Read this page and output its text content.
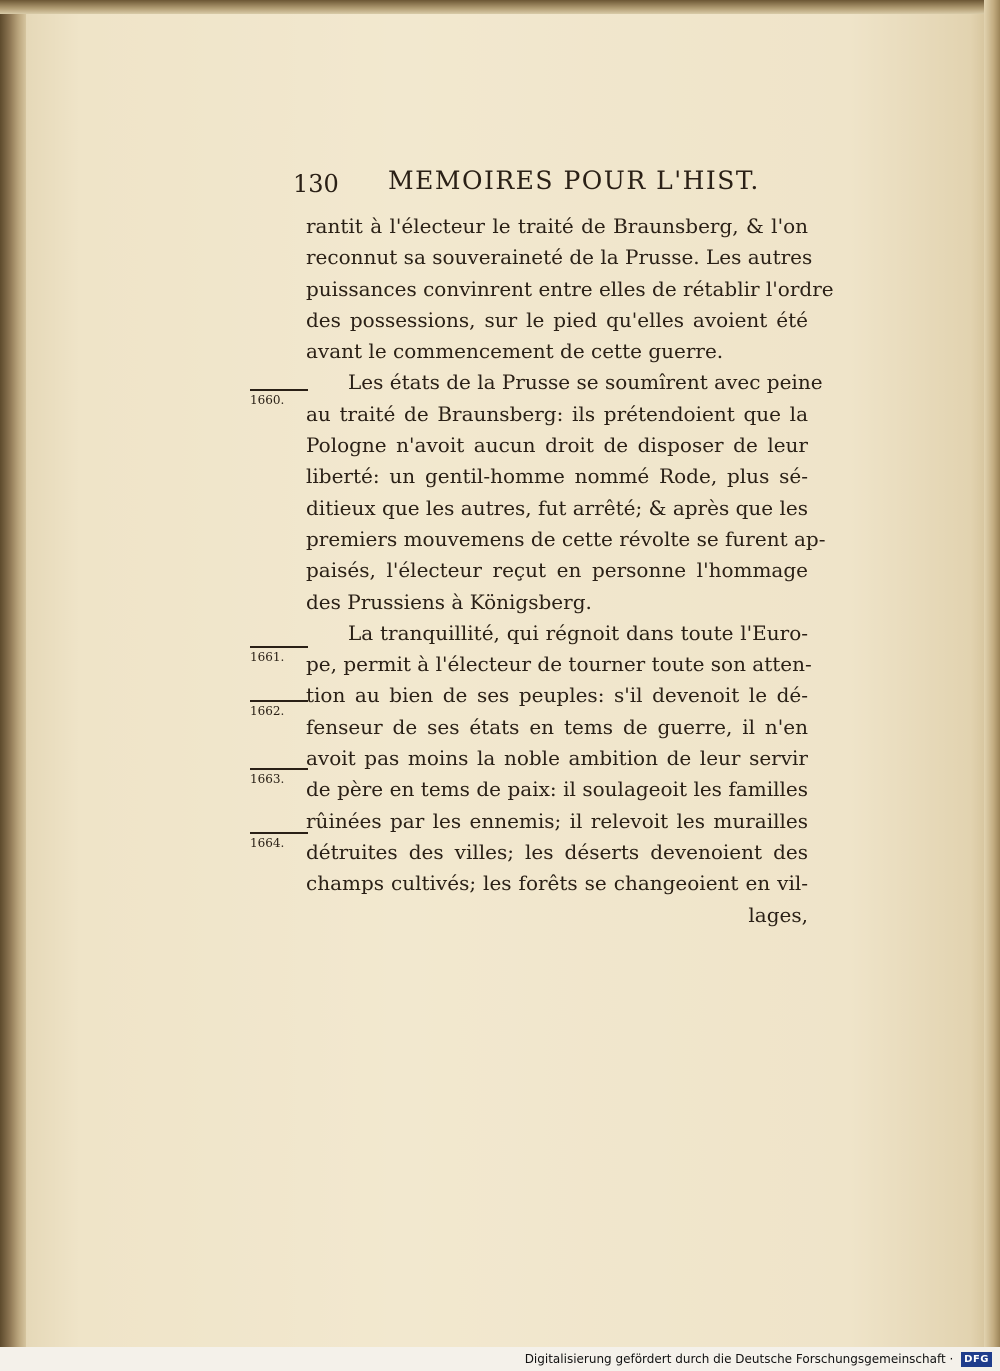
130 MEMOIRES POUR L'HIST.
rantit à l'électeur le traité de Braunsberg, & l'on
reconnut sa souveraineté de la Prusse. Les autres
puissances convinrent entre elles de rétablir l'ordre
des possessions, sur le pied qu'elles avoient été
avant le commencement de cette guerre.
Les états de la Prusse se soumîrent avec peine
au traité de Braunsberg: ils prétendoient que la
Pologne n'avoit aucun droit de disposer de leur
liberté: un gentil-homme nommé Rode, plus sé-
ditieux que les autres, fut arrêté; & après que les
premiers mouvemens de cette révolte se furent ap-
paisés, l'électeur reçut en personne l'hommage
des Prussiens à Königsberg.
La tranquillité, qui régnoit dans toute l'Euro-
pe, permit à l'électeur de tourner toute son atten-
tion au bien de ses peuples: s'il devenoit le dé-
fenseur de ses états en tems de guerre, il n'en
avoit pas moins la noble ambition de leur servir
de père en tems de paix: il soulageoit les familles
rûinées par les ennemis; il relevoit les murailles
détruites des villes; les déserts devenoient des
champs cultivés; les forêts se changeoient en vil-
lages,
1660.
1661.
1662.
1663.
1664.
Digitalisierung gefördert durch die Deutsche Forschungsgemeinschaft · DFG
